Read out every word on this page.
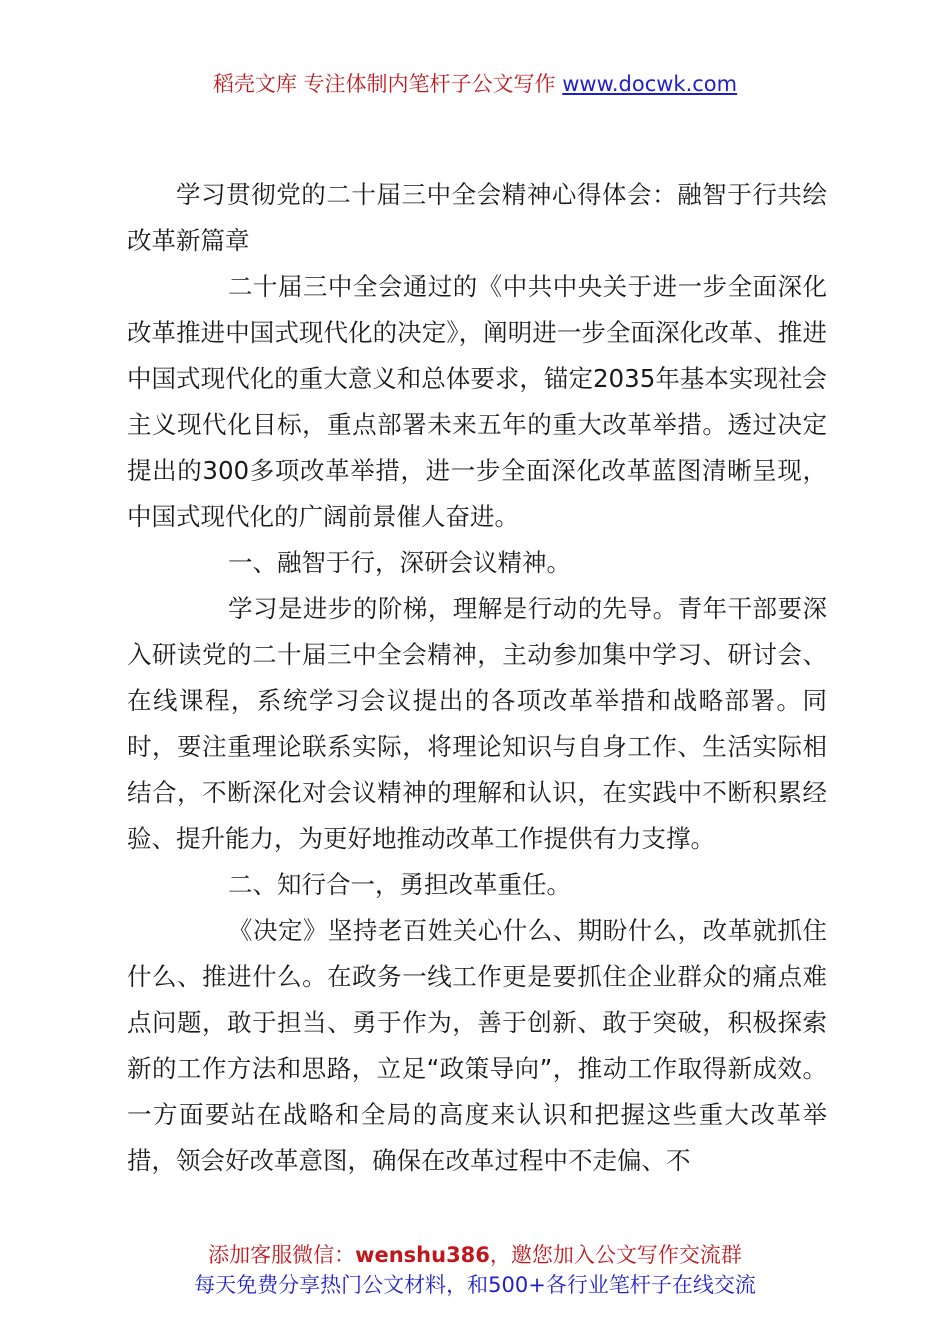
稻壳文库 专注体制内笔杆子公文写作 www.docwk.com

学习贯彻党的二十届三中全会精神心得体会：融智于行共绘改革新篇章

二十届三中全会通过的《中共中央关于进一步全面深化改革推进中国式现代化的决定》，阐明进一步全面深化改革、推进中国式现代化的重大意义和总体要求，锚定2035年基本实现社会主义现代化目标，重点部署未来五年的重大改革举措。透过决定提出的300多项改革举措，进一步全面深化改革蓝图清晰呈现，中国式现代化的广阔前景催人奋进。

一、融智于行，深研会议精神。

学习是进步的阶梯，理解是行动的先导。青年干部要深入研读党的二十届三中全会精神，主动参加集中学习、研讨会、在线课程，系统学习会议提出的各项改革举措和战略部署。同时，要注重理论联系实际，将理论知识与自身工作、生活实际相结合，不断深化对会议精神的理解和认识，在实践中不断积累经验、提升能力，为更好地推动改革工作提供有力支撑。

二、知行合一，勇担改革重任。

《决定》坚持老百姓关心什么、期盼什么，改革就抓住什么、推进什么。在政务一线工作更是要抓住企业群众的痛点难点问题，敢于担当、勇于作为，善于创新、敢于突破，积极探索新的工作方法和思路，立足“政策导向”，推动工作取得新成效。一方面要站在战略和全局的高度来认识和把握这些重大改革举措，领会好改革意图，确保在改革过程中不走偏、不

添加客服微信：wenshu386，邀您加入公文写作交流群
每天免费分享热门公文材料，和500+各行业笔杆子在线交流
